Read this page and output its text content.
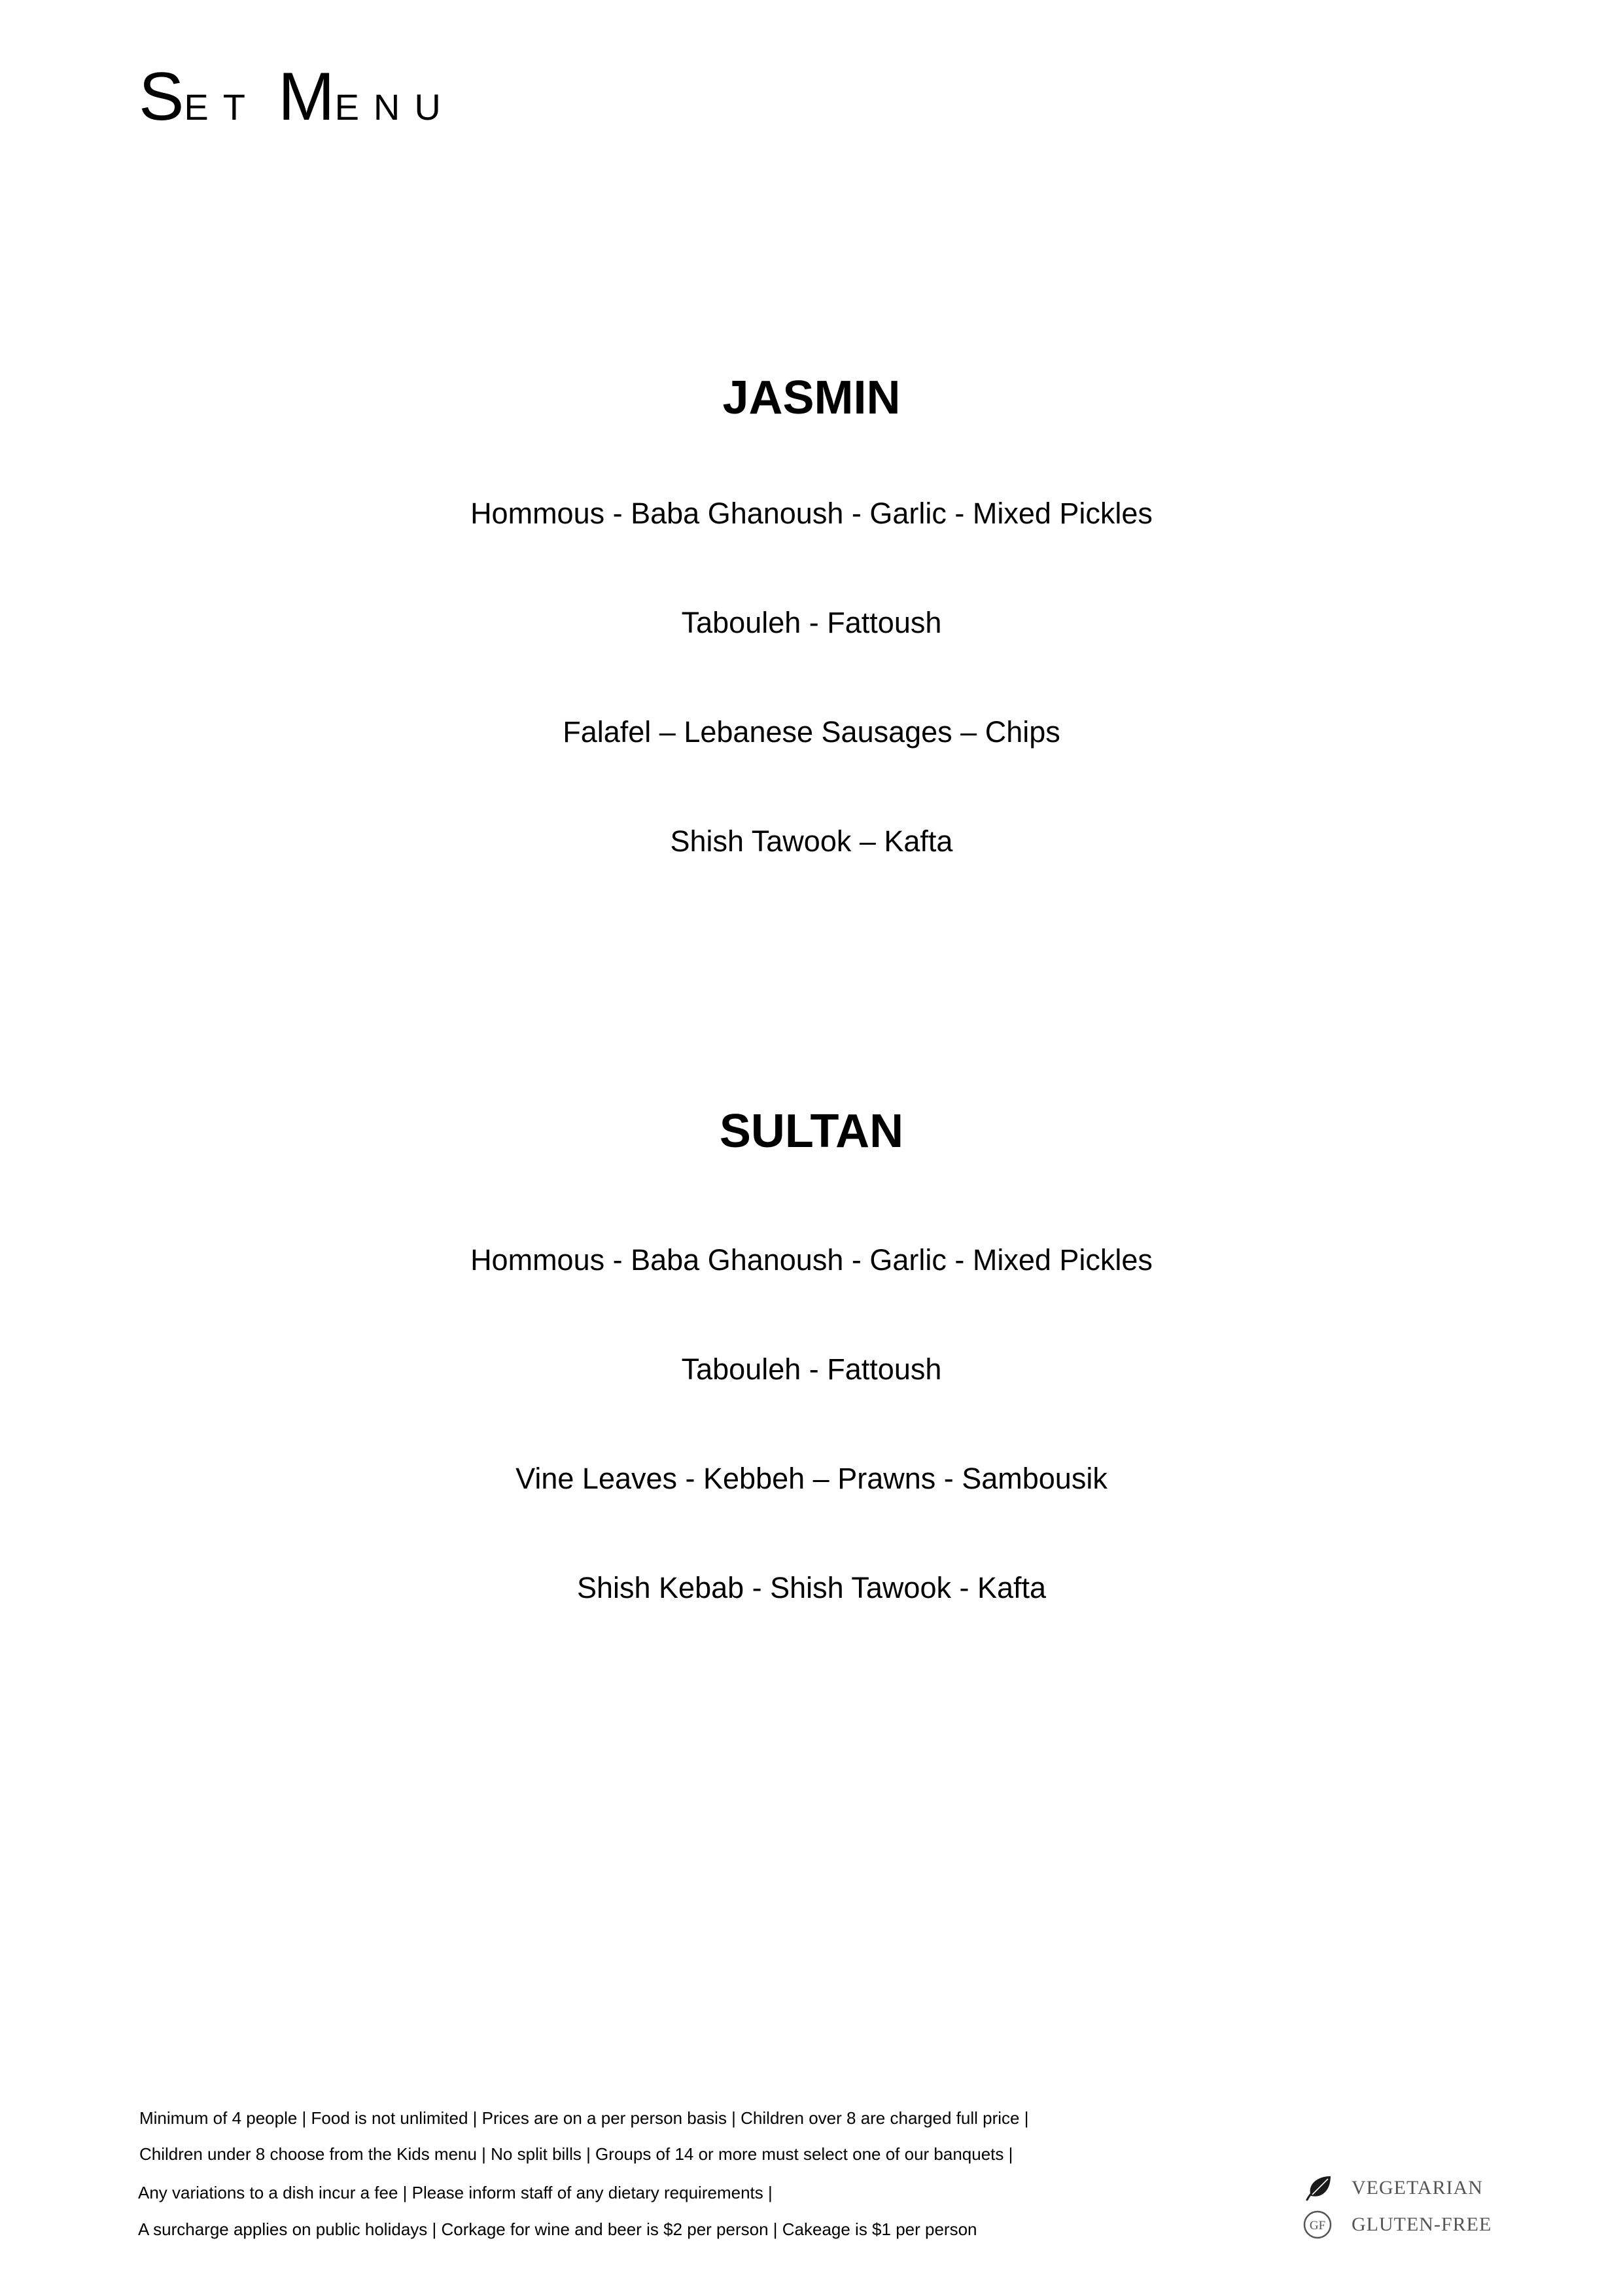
SET MENU
JASMIN
Hommous - Baba Ghanoush - Garlic - Mixed Pickles
Tabouleh - Fattoush
Falafel – Lebanese Sausages – Chips
Shish Tawook – Kafta
SULTAN
Hommous - Baba Ghanoush - Garlic - Mixed Pickles
Tabouleh - Fattoush
Vine Leaves - Kebbeh – Prawns - Sambousik
Shish Kebab - Shish Tawook - Kafta
Minimum of 4 people | Food is not unlimited | Prices are on a per person basis | Children over 8 are charged full price |
Children under 8 choose from the Kids menu | No split bills | Groups of 14 or more must select one of our banquets |
Any variations to a dish incur a fee | Please inform staff of any dietary requirements |
A surcharge applies on public holidays | Corkage for wine and beer is $2 per person | Cakeage is $1 per person
VEGETARIAN
GF GLUTEN-FREE
